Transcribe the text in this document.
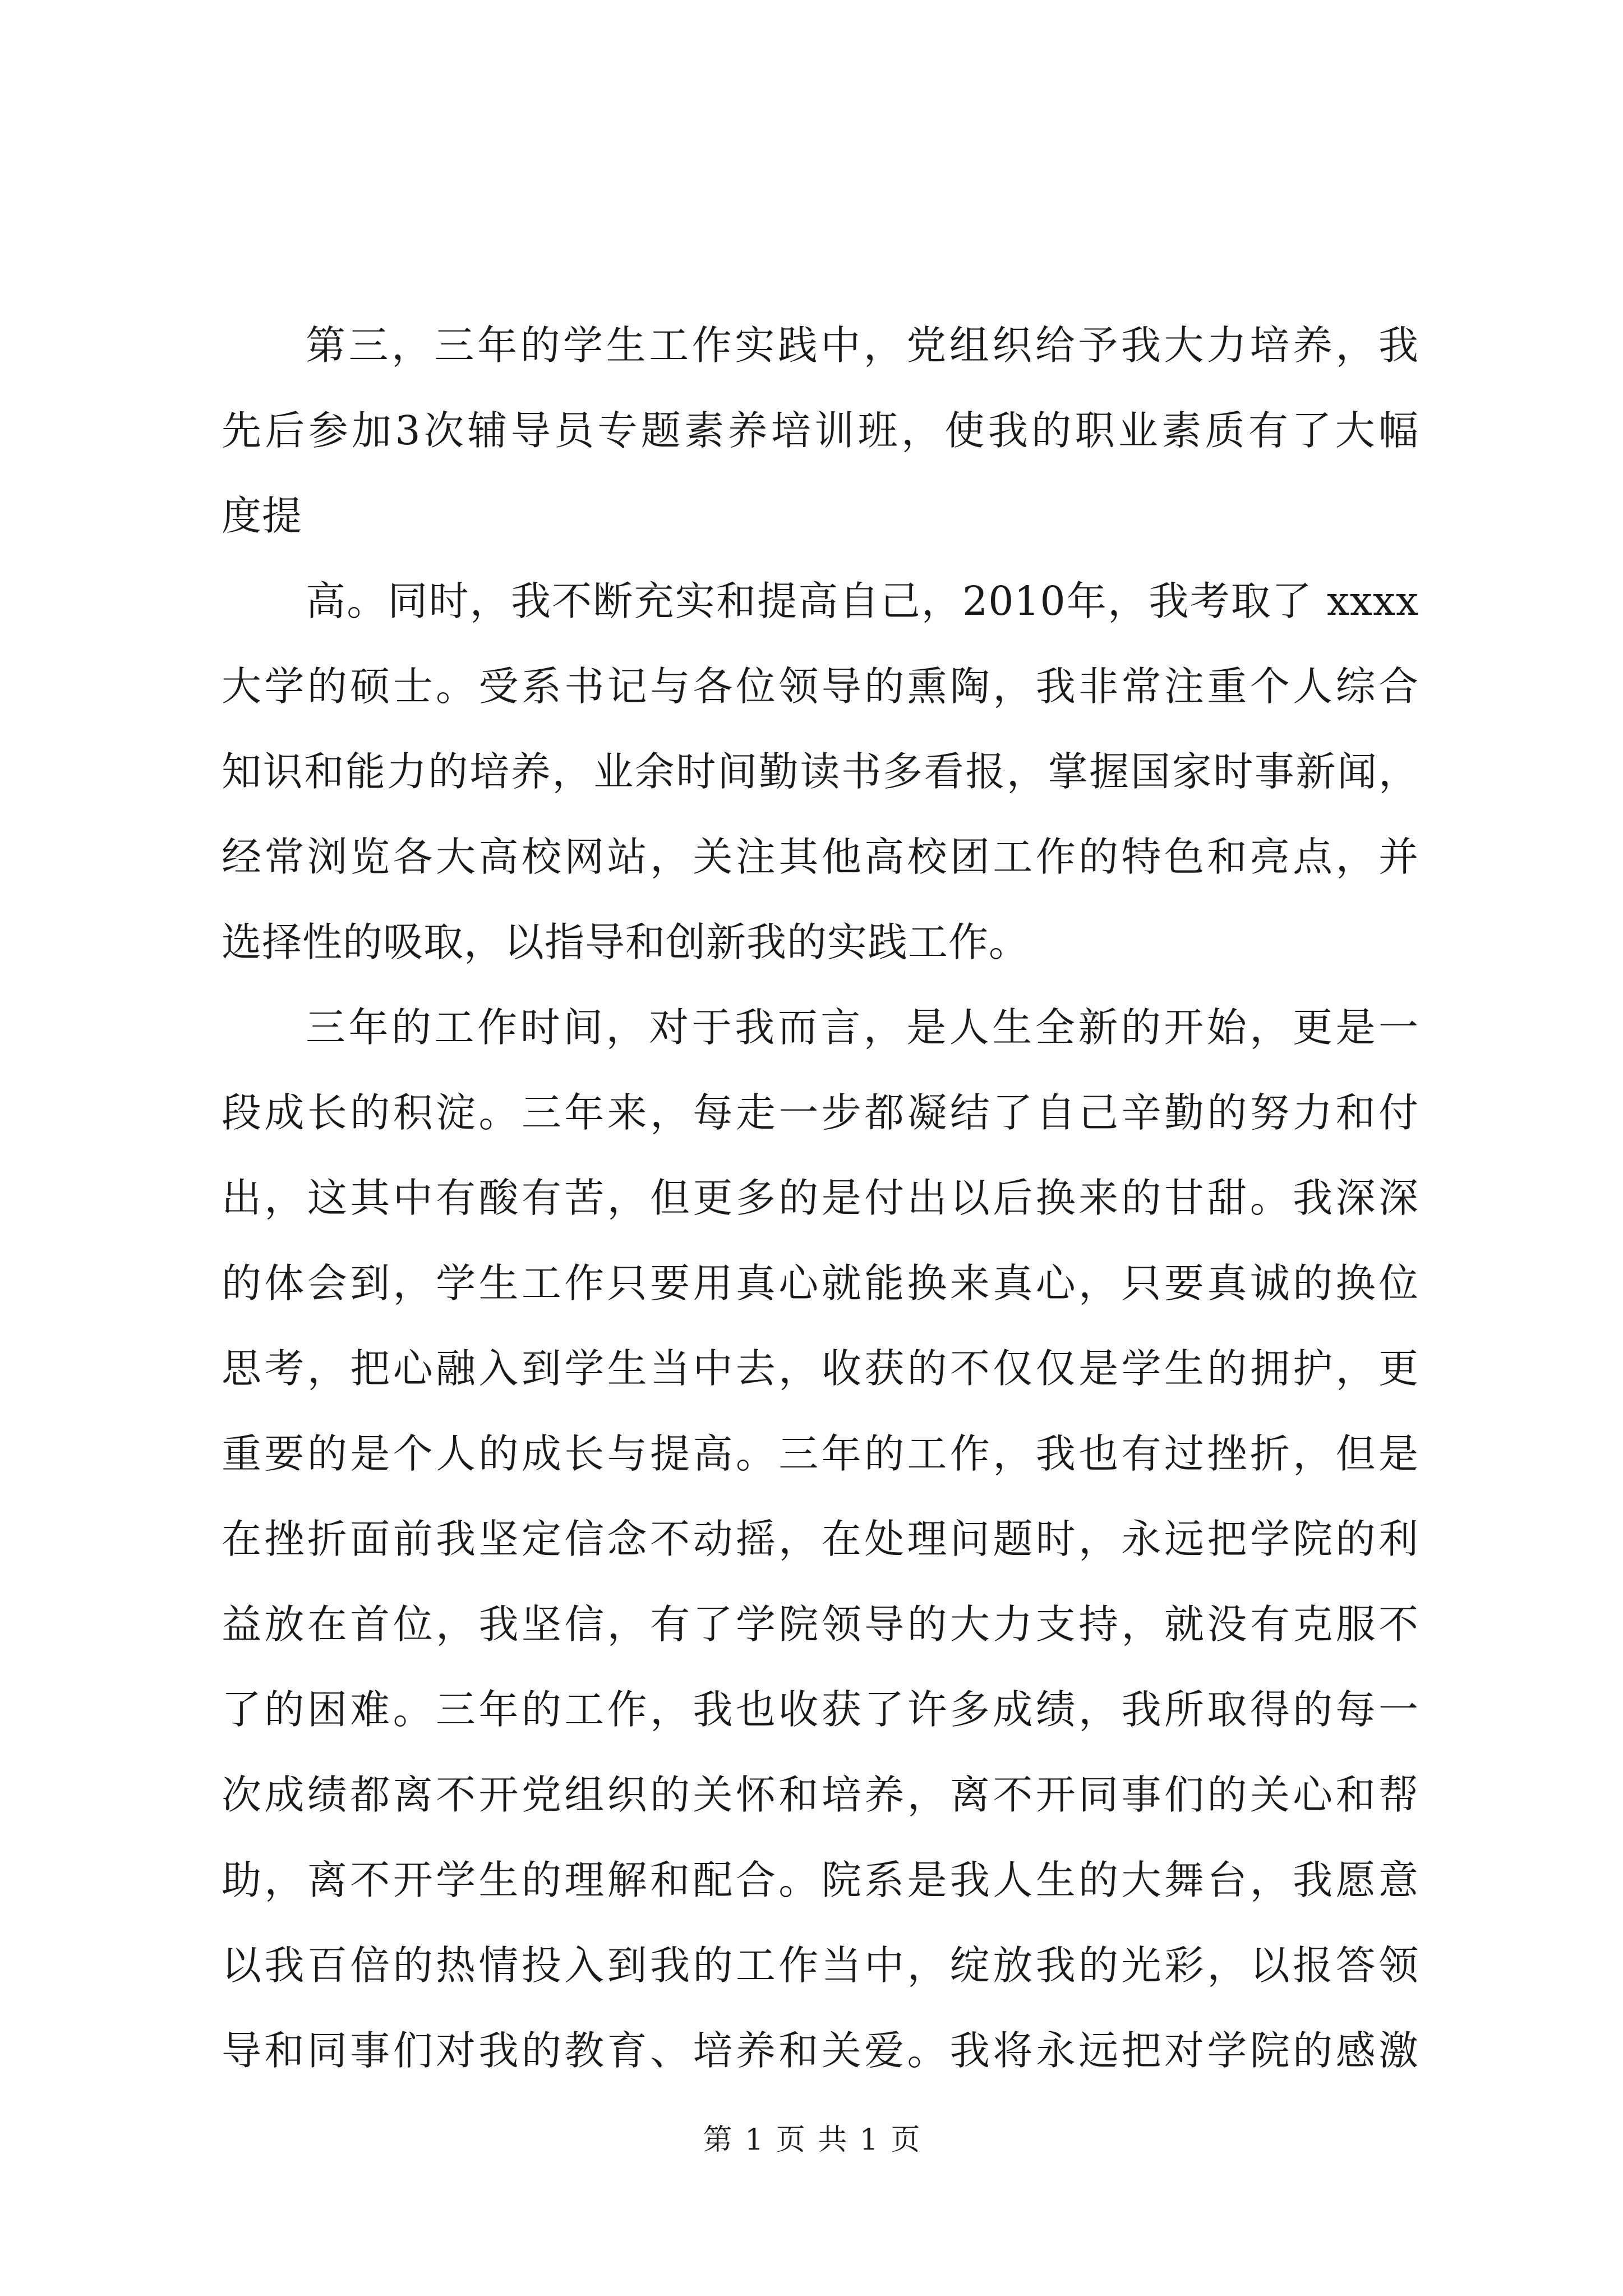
第三，三年的学生工作实践中，党组织给予我大力培养，我
先后参加3次辅导员专题素养培训班，使我的职业素质有了大幅
度提
高。同时，我不断充实和提高自己，2010年，我考取了 xxxx
大学的硕士。受系书记与各位领导的熏陶，我非常注重个人综合
知识和能力的培养，业余时间勤读书多看报，掌握国家时事新闻，
经常浏览各大高校网站，关注其他高校团工作的特色和亮点，并
选择性的吸取，以指导和创新我的实践工作。
三年的工作时间，对于我而言，是人生全新的开始，更是一
段成长的积淀。三年来，每走一步都凝结了自己辛勤的努力和付
出，这其中有酸有苦，但更多的是付出以后换来的甘甜。我深深
的体会到，学生工作只要用真心就能换来真心，只要真诚的换位
思考，把心融入到学生当中去，收获的不仅仅是学生的拥护，更
重要的是个人的成长与提高。三年的工作，我也有过挫折，但是
在挫折面前我坚定信念不动摇，在处理问题时，永远把学院的利
益放在首位，我坚信，有了学院领导的大力支持，就没有克服不
了的困难。三年的工作，我也收获了许多成绩，我所取得的每一
次成绩都离不开党组织的关怀和培养，离不开同事们的关心和帮
助，离不开学生的理解和配合。院系是我人生的大舞台，我愿意
以我百倍的热情投入到我的工作当中，绽放我的光彩，以报答领
导和同事们对我的教育、培养和关爱。我将永远把对学院的感激
第 1 页 共 1 页
